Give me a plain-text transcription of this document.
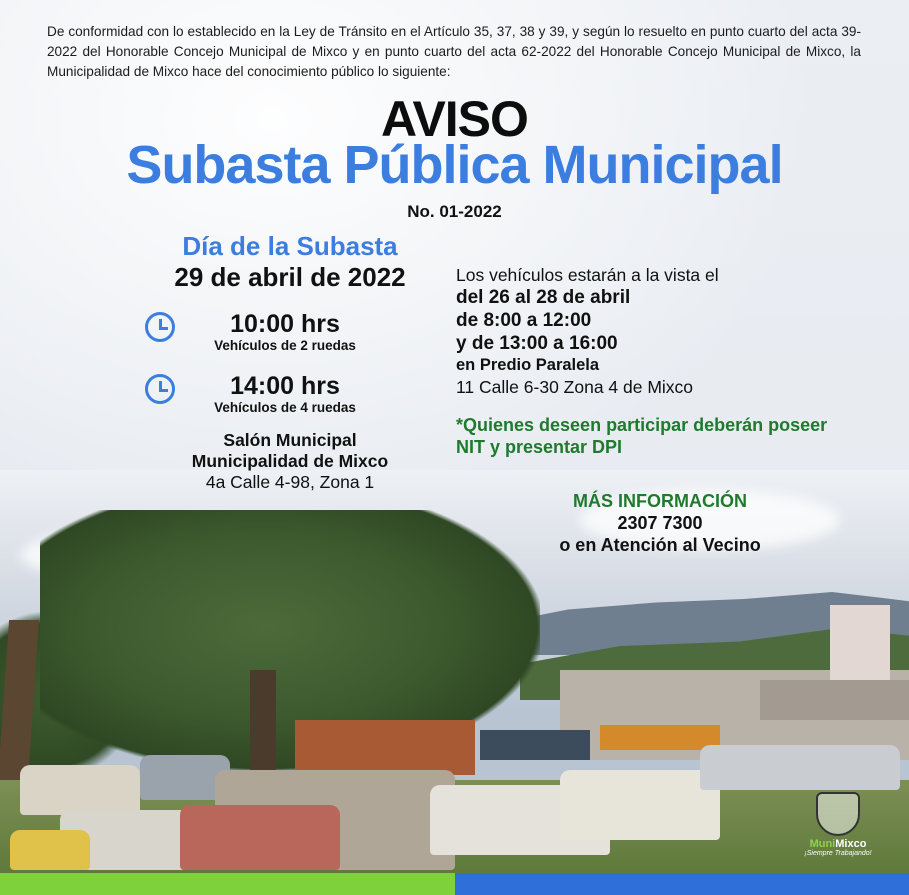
De conformidad con lo establecido en la Ley de Tránsito en el Artículo 35, 37, 38 y 39, y según lo resuelto en punto cuarto del acta 39-2022 del Honorable Concejo Municipal de Mixco y en punto cuarto del acta 62-2022 del Honorable Concejo Municipal de Mixco, la Municipalidad de Mixco hace del conocimiento público lo siguiente:

AVISO
Subasta Pública Municipal
No. 01-2022
Día de la Subasta
29 de abril de 2022
10:00 hrs
Vehículos de 2 ruedas
14:00 hrs
Vehículos de 4 ruedas
Salón Municipal
Municipalidad de Mixco
4a Calle 4-98, Zona 1
Los vehículos estarán a la vista el
del 26 al 28 de abril
de 8:00 a 12:00
y de 13:00 a 16:00
en Predio Paralela
11 Calle 6-30 Zona 4 de Mixco
*Quienes deseen participar deberán poseer NIT y presentar DPI
MÁS INFORMACIÓN
2307 7300
o en Atención al Vecino
MuniMixco
¡Siempre Trabajando!
